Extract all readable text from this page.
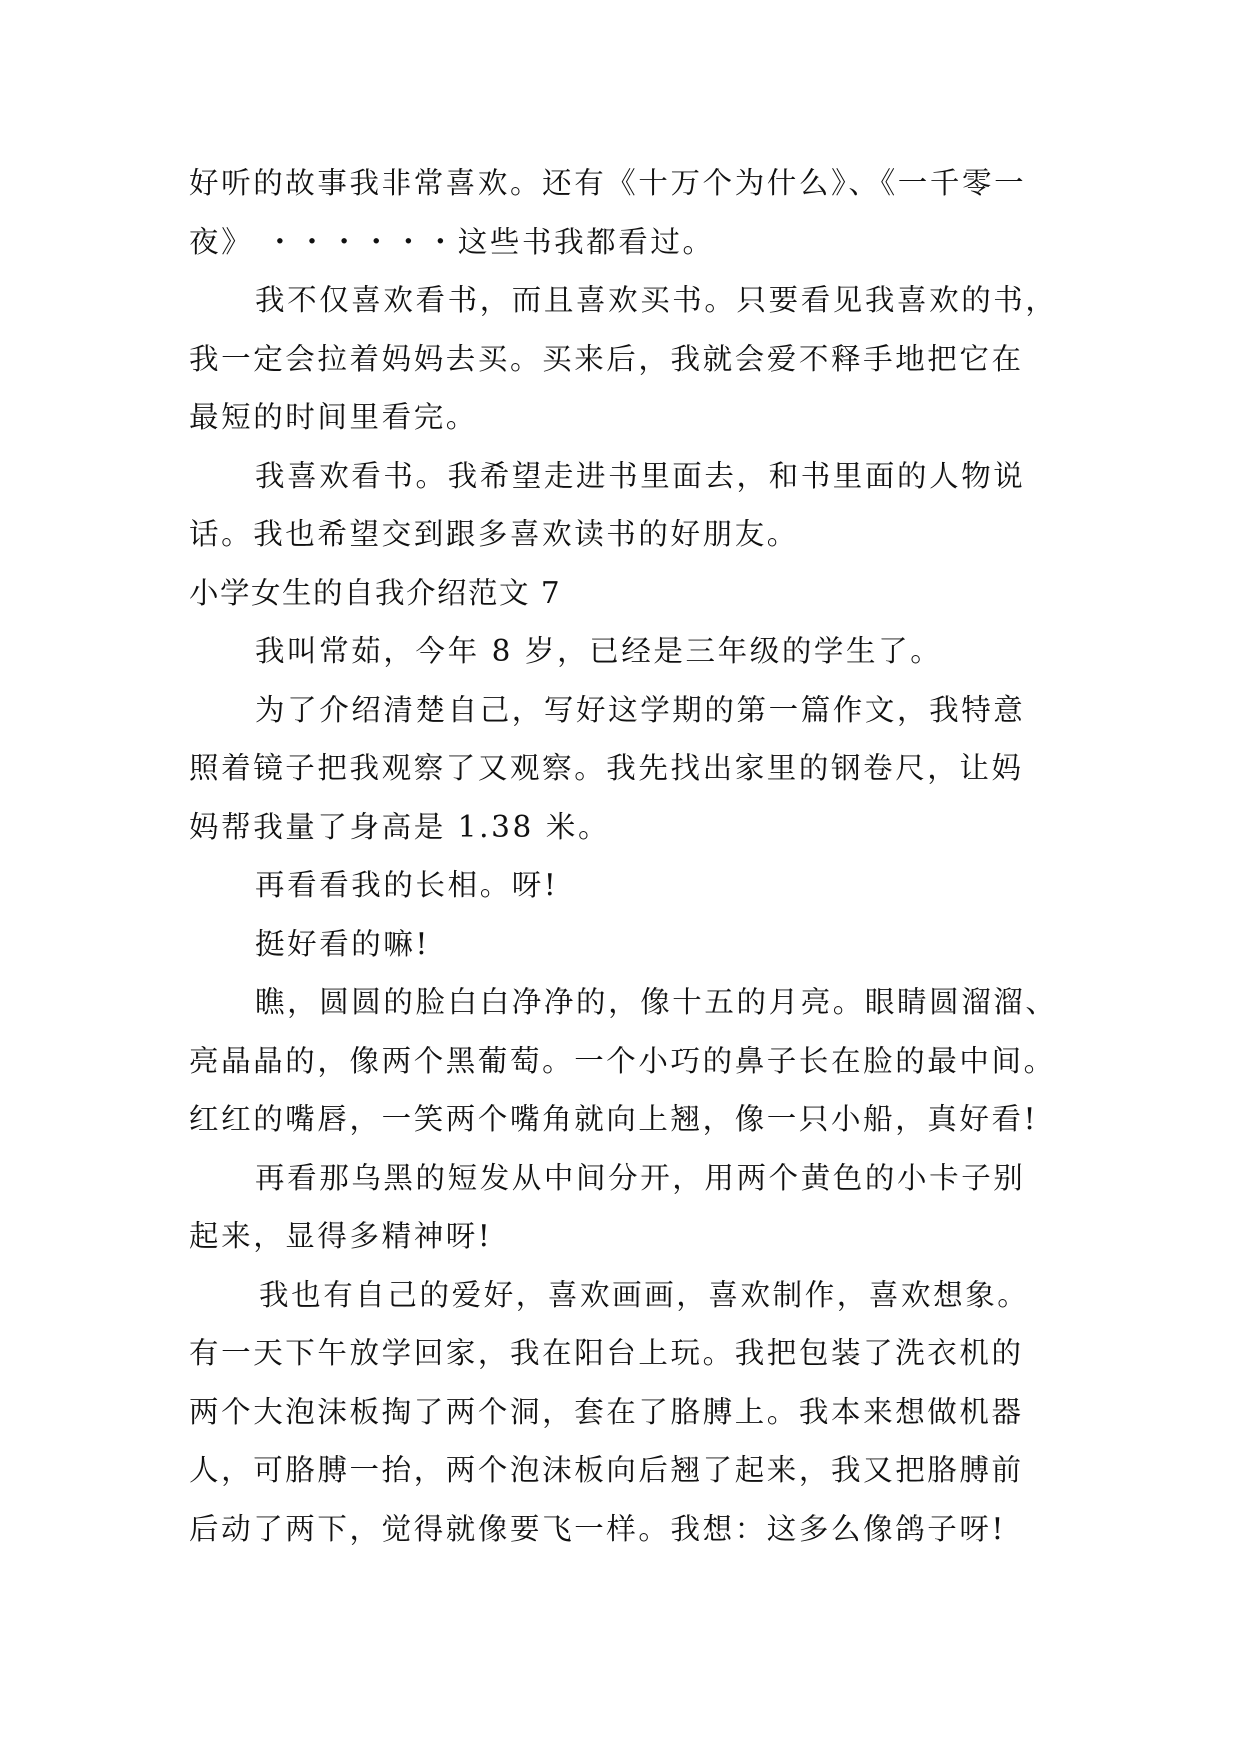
好听的故事我非常喜欢。还有《十万个为什么》、《一千零一
夜》 ・・・・・・这些书我都看过。
我不仅喜欢看书，而且喜欢买书。只要看见我喜欢的书，
我一定会拉着妈妈去买。买来后，我就会爱不释手地把它在
最短的时间里看完。
我喜欢看书。我希望走进书里面去，和书里面的人物说
话。我也希望交到跟多喜欢读书的好朋友。
小学女生的自我介绍范文 7
我叫常茹，今年 8 岁，已经是三年级的学生了。
为了介绍清楚自己，写好这学期的第一篇作文，我特意
照着镜子把我观察了又观察。我先找出家里的钢卷尺，让妈
妈帮我量了身高是 1.38 米。
再看看我的长相。呀!
挺好看的嘛!
瞧，圆圆的脸白白净净的，像十五的月亮。眼睛圆溜溜、
亮晶晶的，像两个黑葡萄。一个小巧的鼻子长在脸的最中间。
红红的嘴唇，一笑两个嘴角就向上翘，像一只小船，真好看!
再看那乌黑的短发从中间分开，用两个黄色的小卡子别
起来，显得多精神呀!
我也有自己的爱好，喜欢画画，喜欢制作，喜欢想象。
有一天下午放学回家，我在阳台上玩。我把包装了洗衣机的
两个大泡沫板掏了两个洞，套在了胳膊上。我本来想做机器
人，可胳膊一抬，两个泡沫板向后翘了起来，我又把胳膊前
后动了两下，觉得就像要飞一样。我想：这多么像鸽子呀!
